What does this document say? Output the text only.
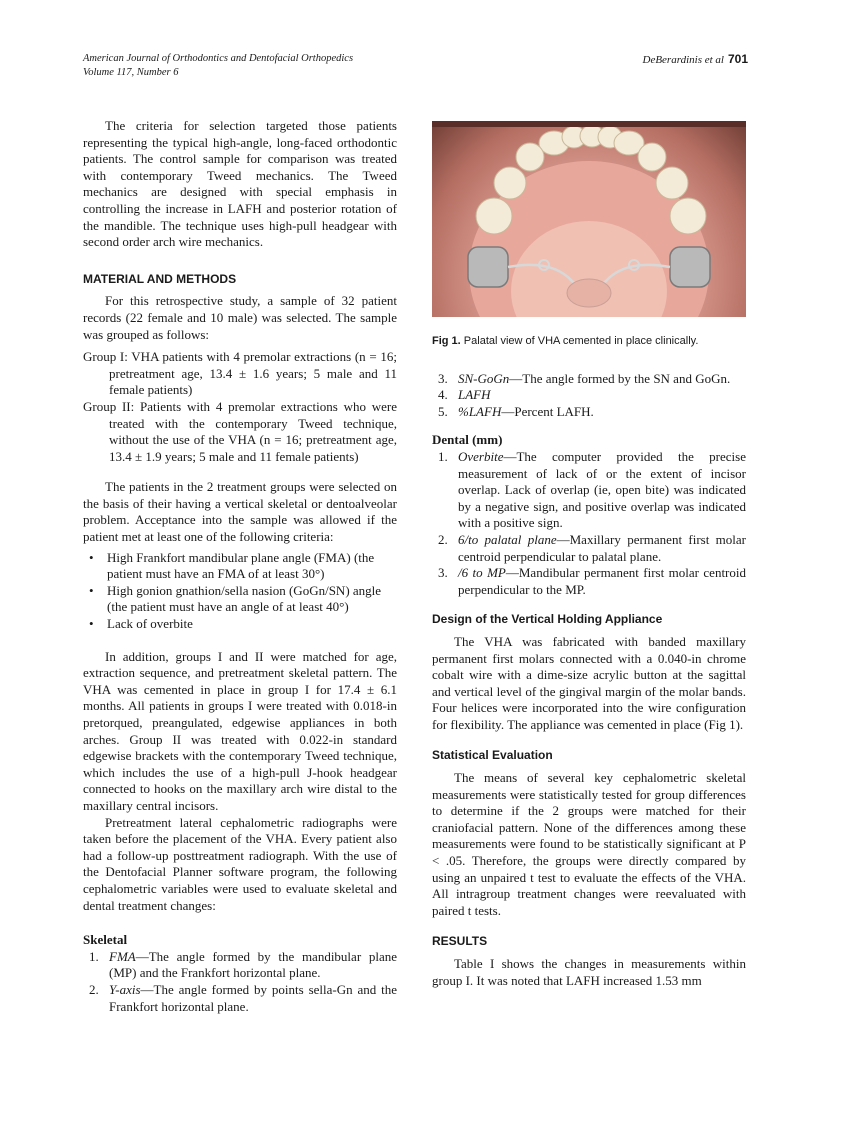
American Journal of Orthodontics and Dentofacial Orthopedics
Volume 117, Number 6
DeBerardinis et al 701

The criteria for selection targeted those patients representing the typical high-angle, long-faced orthodontic patients. The control sample for comparison was treated with contemporary Tweed mechanics. The Tweed mechanics are designed with special emphasis in controlling the increase in LAFH and posterior rotation of the mandible. The technique uses high-pull headgear with second order arch wire mechanics.

MATERIAL AND METHODS

For this retrospective study, a sample of 32 patient records (22 female and 10 male) was selected. The sample was grouped as follows:

Group I: VHA patients with 4 premolar extractions (n = 16; pretreatment age, 13.4 ± 1.6 years; 5 male and 11 female patients)
Group II: Patients with 4 premolar extractions who were treated with the contemporary Tweed technique, without the use of the VHA (n = 16; pretreatment age, 13.4 ± 1.9 years; 5 male and 11 female patients)

The patients in the 2 treatment groups were selected on the basis of their having a vertical skeletal or dentoalveolar problem. Acceptance into the sample was allowed if the patient met at least one of the following criteria:

• High Frankfort mandibular plane angle (FMA) (the patient must have an FMA of at least 30°)
• High gonion gnathion/sella nasion (GoGn/SN) angle (the patient must have an angle of at least 40°)
• Lack of overbite

In addition, groups I and II were matched for age, extraction sequence, and pretreatment skeletal pattern. The VHA was cemented in place in group I for 17.4 ± 6.1 months. All patients in groups I were treated with 0.018-in pretorqued, preangulated, edgewise appliances in both arches. Group II was treated with 0.022-in standard edgewise brackets with the contemporary Tweed technique, which includes the use of a high-pull J-hook headgear connected to hooks on the maxillary arch wire distal to the maxillary central incisors.

Pretreatment lateral cephalometric radiographs were taken before the placement of the VHA. Every patient also had a follow-up posttreatment radiograph. With the use of the Dentofacial Planner software program, the following cephalometric variables were used to evaluate skeletal and dental treatment changes:

Skeletal
1. FMA—The angle formed by the mandibular plane (MP) and the Frankfort horizontal plane.
2. Y-axis—The angle formed by points sella-Gn and the Frankfort horizontal plane.
Fig 1. Palatal view of VHA cemented in place clinically.
3. SN-GoGn—The angle formed by the SN and GoGn.
4. LAFH
5. %LAFH—Percent LAFH.
Dental (mm)
1. Overbite—The computer provided the precise measurement of lack of or the extent of incisor overlap. Lack of overlap (ie, open bite) was indicated by a negative sign, and positive overlap was indicated with a positive sign.
2. 6/to palatal plane—Maxillary permanent first molar centroid perpendicular to palatal plane.
3. /6 to MP—Mandibular permanent first molar centroid perpendicular to the MP.
Design of the Vertical Holding Appliance

The VHA was fabricated with banded maxillary permanent first molars connected with a 0.040-in chrome cobalt wire with a dime-size acrylic button at the sagittal and vertical level of the gingival margin of the molar bands. Four helices were incorporated into the wire configuration for flexibility. The appliance was cemented in place (Fig 1).

Statistical Evaluation

The means of several key cephalometric skeletal measurements were statistically tested for group differences to determine if the 2 groups were matched for their craniofacial pattern. None of the differences among these measurements were found to be statistically significant at P < .05. Therefore, the groups were directly compared by using an unpaired t test to evaluate the effects of the VHA. All intragroup treatment changes were reevaluated with paired t tests.

RESULTS

Table I shows the changes in measurements within group I. It was noted that LAFH increased 1.53 mm
